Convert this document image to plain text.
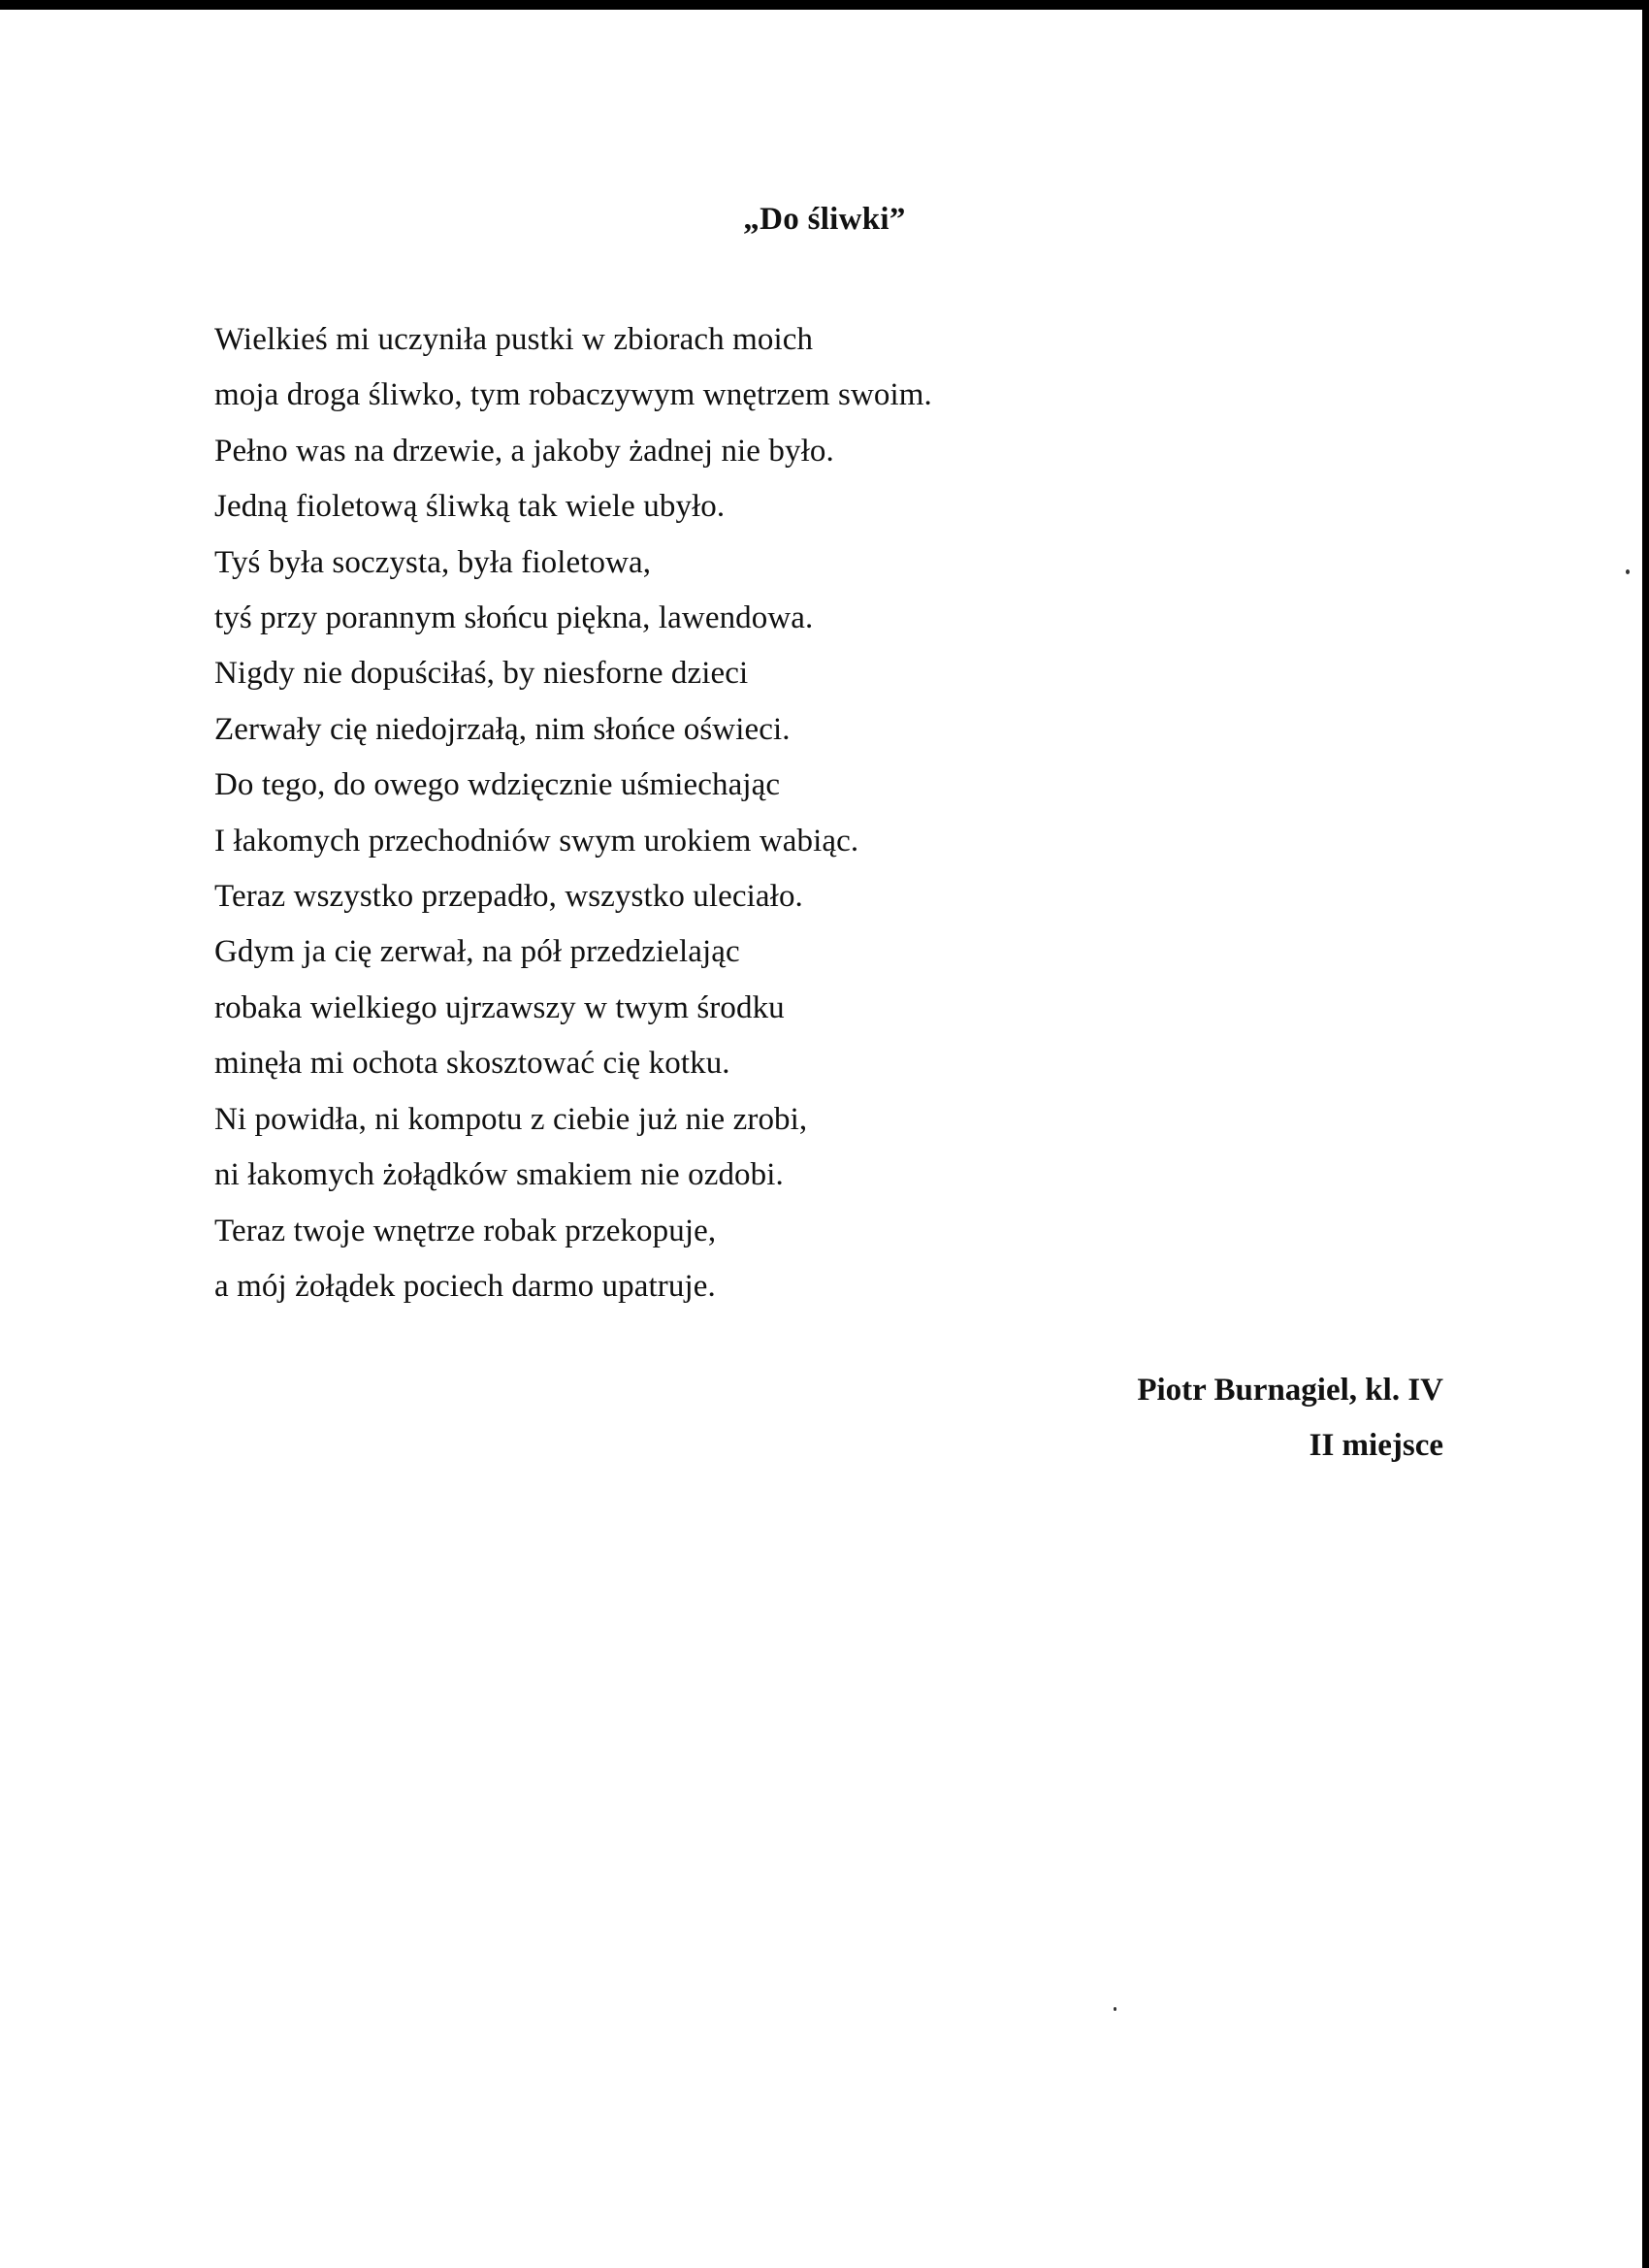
„Do śliwki”
Wielkieś mi uczyniła pustki w zbiorach moich
moja droga śliwko, tym robaczywym wnętrzem swoim.
Pełno was na drzewie, a jakoby żadnej nie było.
Jedną fioletową śliwką tak wiele ubyło.
Tyś była soczysta, była fioletowa,
tyś przy porannym słońcu piękna, lawendowa.
Nigdy nie dopuściłaś, by niesforne dzieci
Zerwały cię niedojrzałą, nim słońce oświeci.
Do tego, do owego wdzięcznie uśmiechając
I łakomych przechodniów swym urokiem wabiąc.
Teraz wszystko przepadło, wszystko uleciało.
Gdym ja cię zerwał, na pół przedzielając
robaka wielkiego ujrzawszy w twym środku
minęła mi ochota skosztować cię kotku.
Ni powidła, ni kompotu z ciebie już nie zrobi,
ni łakomych żołądków smakiem nie ozdobi.
Teraz twoje wnętrze robak przekopuje,
a mój żołądek pociech darmo upatruje.
Piotr Burnagiel, kl. IV
II miejsce
